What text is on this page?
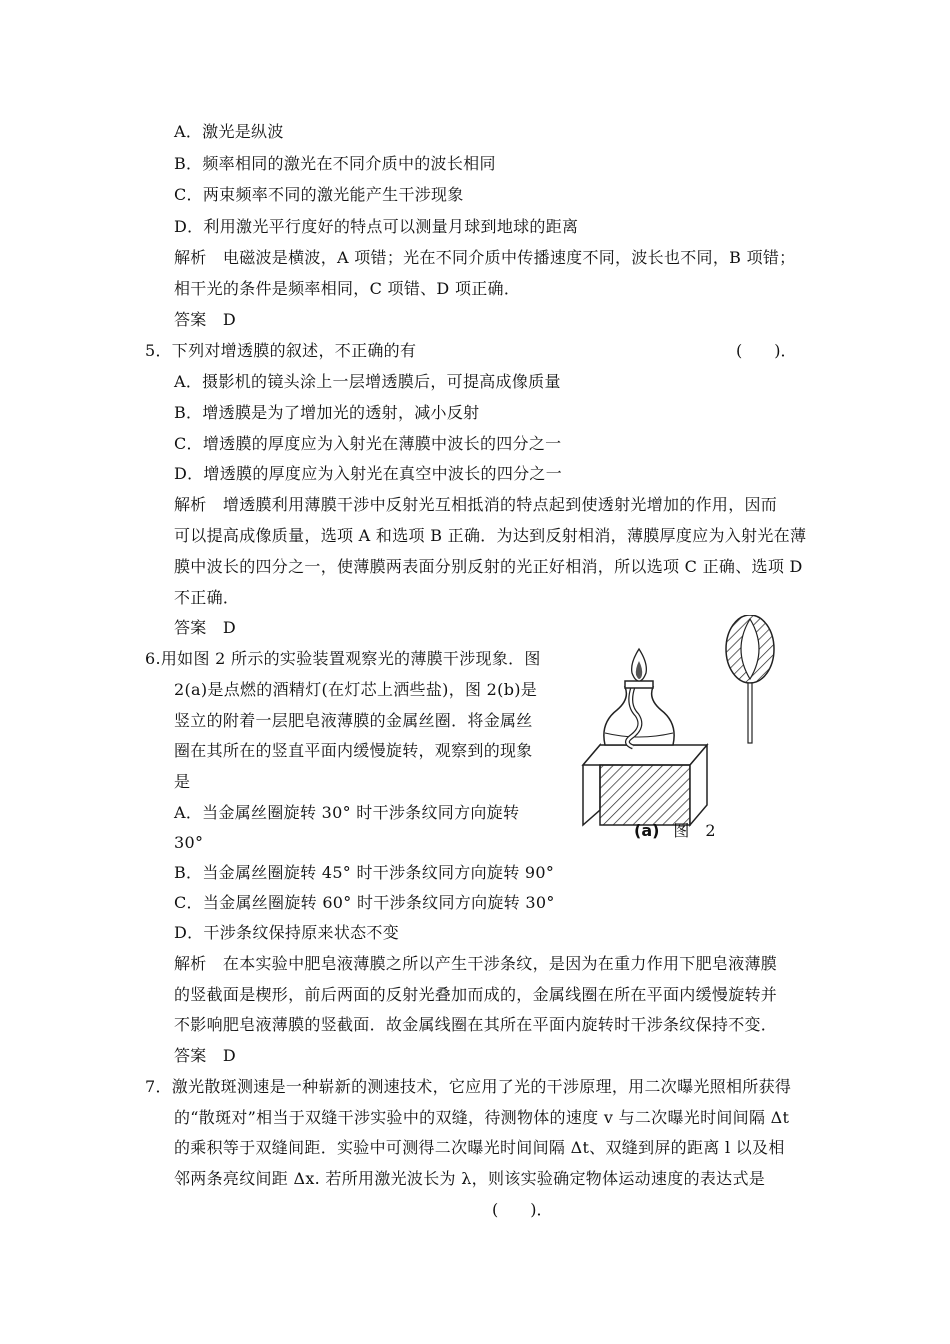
A．激光是纵波
B．频率相同的激光在不同介质中的波长相同
C．两束频率不同的激光能产生干涉现象
D．利用激光平行度好的特点可以测量月球到地球的距离
解析　电磁波是横波，A 项错；光在不同介质中传播速度不同，波长也不同，B 项错；
相干光的条件是频率相同，C 项错、D 项正确．
答案　D
5．下列对增透膜的叙述，不正确的有	(　　)．
A．摄影机的镜头涂上一层增透膜后，可提高成像质量
B．增透膜是为了增加光的透射，减小反射
C．增透膜的厚度应为入射光在薄膜中波长的四分之一
D．增透膜的厚度应为入射光在真空中波长的四分之一
解析　增透膜利用薄膜干涉中反射光互相抵消的特点起到使透射光增加的作用，因而
可以提高成像质量，选项 A 和选项 B 正确．为达到反射相消，薄膜厚度应为入射光在薄
膜中波长的四分之一，使薄膜两表面分别反射的光正好相消，所以选项 C 正确、选项 D
不正确．
答案　D
6.用如图 2 所示的实验装置观察光的薄膜干涉现象．图
2(a)是点燃的酒精灯(在灯芯上洒些盐)，图 2(b)是
竖立的附着一层肥皂液薄膜的金属丝圈．将金属丝
圈在其所在的竖直平面内缓慢旋转，观察到的现象
是
A．当金属丝圈旋转 30° 时干涉条纹同方向旋转
30°
B．当金属丝圈旋转 45° 时干涉条纹同方向旋转 90°
C．当金属丝圈旋转 60° 时干涉条纹同方向旋转 30°
D．干涉条纹保持原来状态不变
解析　在本实验中肥皂液薄膜之所以产生干涉条纹，是因为在重力作用下肥皂液薄膜
的竖截面是楔形，前后两面的反射光叠加而成的，金属线圈在所在平面内缓慢旋转并
不影响肥皂液薄膜的竖截面．故金属线圈在其所在平面内旋转时干涉条纹保持不变．
答案　D
(a) 图　2
7．激光散斑测速是一种崭新的测速技术，它应用了光的干涉原理，用二次曝光照相所获得
的“散斑对”相当于双缝干涉实验中的双缝，待测物体的速度 v 与二次曝光时间间隔 Δt
的乘积等于双缝间距．实验中可测得二次曝光时间间隔 Δt、双缝到屏的距离 l 以及相
邻两条亮纹间距 Δx. 若所用激光波长为 λ，则该实验确定物体运动速度的表达式是
(　　)．
